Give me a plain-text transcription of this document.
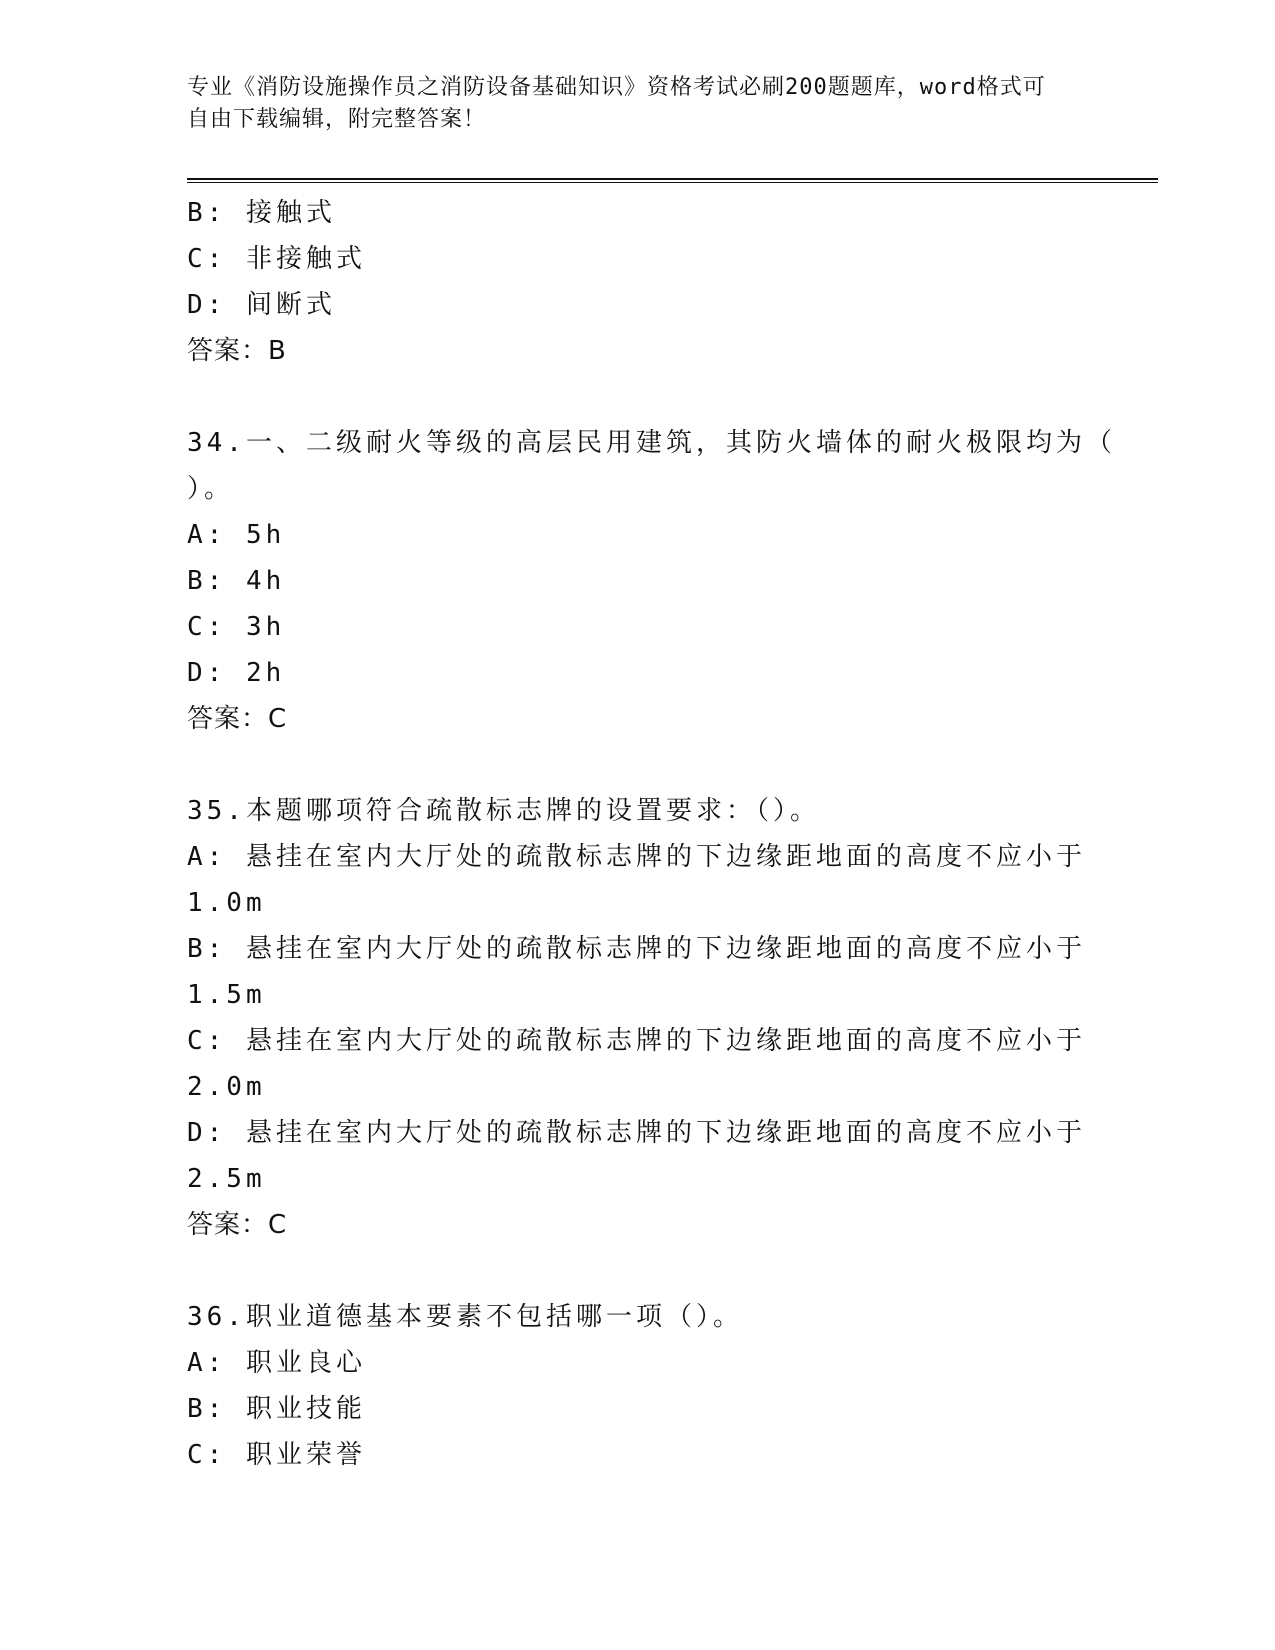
专业《消防设施操作员之消防设备基础知识》资格考试必刷200题题库，word格式可自由下载编辑，附完整答案！
B: 接触式
C: 非接触式
D: 间断式
答案：B
34.一、二级耐火等级的高层民用建筑，其防火墙体的耐火极限均为（
）。
A: 5h
B: 4h
C: 3h
D: 2h
答案：C
35.本题哪项符合疏散标志牌的设置要求：（）。
A: 悬挂在室内大厅处的疏散标志牌的下边缘距地面的高度不应小于
1.0m
B: 悬挂在室内大厅处的疏散标志牌的下边缘距地面的高度不应小于
1.5m
C: 悬挂在室内大厅处的疏散标志牌的下边缘距地面的高度不应小于
2.0m
D: 悬挂在室内大厅处的疏散标志牌的下边缘距地面的高度不应小于
2.5m
答案：C
36.职业道德基本要素不包括哪一项（）。
A: 职业良心
B: 职业技能
C: 职业荣誉
